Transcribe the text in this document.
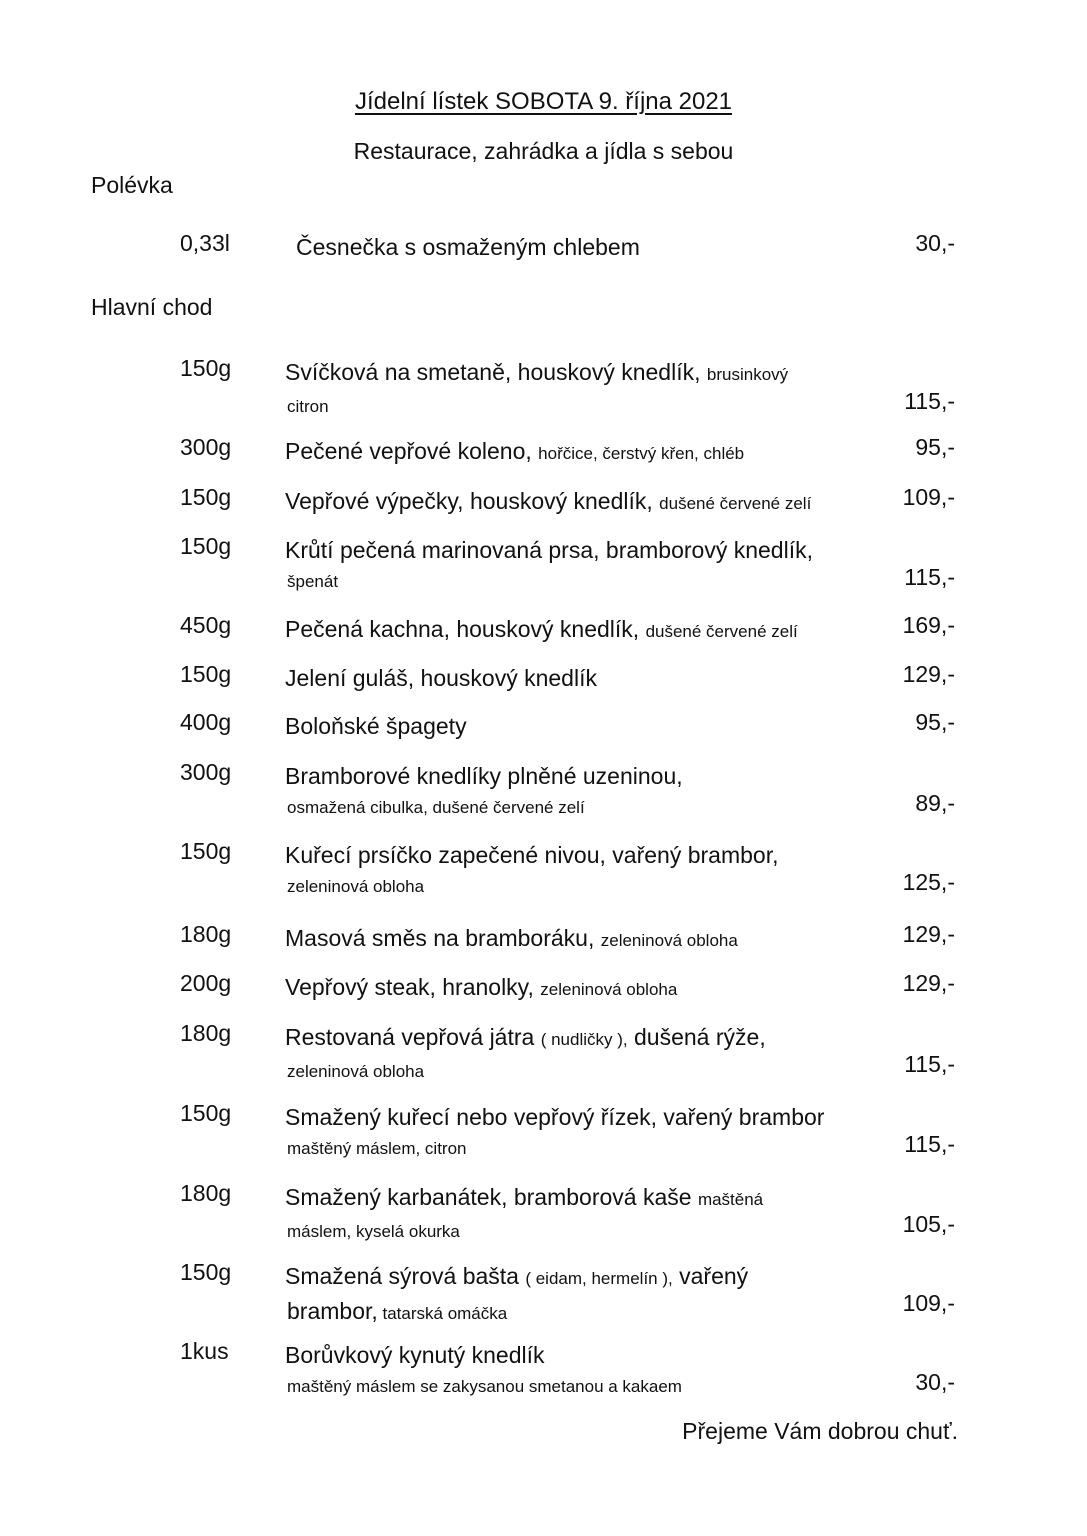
Jídelní lístek SOBOTA 9. října 2021
Restaurace, zahrádka a jídla s sebou
Polévka
0,33l	Česnečka s osmaženým chlebem	30,-
Hlavní chod
150g Svíčková na smetaně, houskový knedlík, brusinkový
citron	115,-
300g Pečené vepřové koleno, hořčice, čerstvý křen, chléb	95,-
150g Vepřové výpečky, houskový knedlík, dušené červené zelí	109,-
150g Krůtí pečená marinovaná prsa, bramborový knedlík,
špenát	115,-
450g Pečená kachna, houskový knedlík, dušené červené zelí	169,-
150g Jelení guláš, houskový knedlík	129,-
400g Boloňské špagety	95,-
300g Bramborové knedlíky plněné uzeninou,
osmažená cibulka, dušené červené zelí	89,-
150g Kuřecí prsíčko zapečené nivou, vařený brambor,
zeleninová obloha	125,-
180g Masová směs na bramboráku, zeleninová obloha	129,-
200g Vepřový steak, hranolky, zeleninová obloha	129,-
180g Restovaná vepřová játra ( nudličky ), dušená rýže,
zeleninová obloha	115,-
150g Smažený kuřecí nebo vepřový řízek, vařený brambor
maštěný máslem, citron	115,-
180g Smažený karbanátek, bramborová kaše maštěná
máslem, kyselá okurka	105,-
150g Smažená sýrová bašta ( eidam, hermelín ), vařený
brambor, tatarská omáčka	109,-
1kus Borůvkový kynutý knedlík
maštěný máslem se zakysanou smetanou a kakaem	30,-
Přejeme Vám dobrou chuť.
